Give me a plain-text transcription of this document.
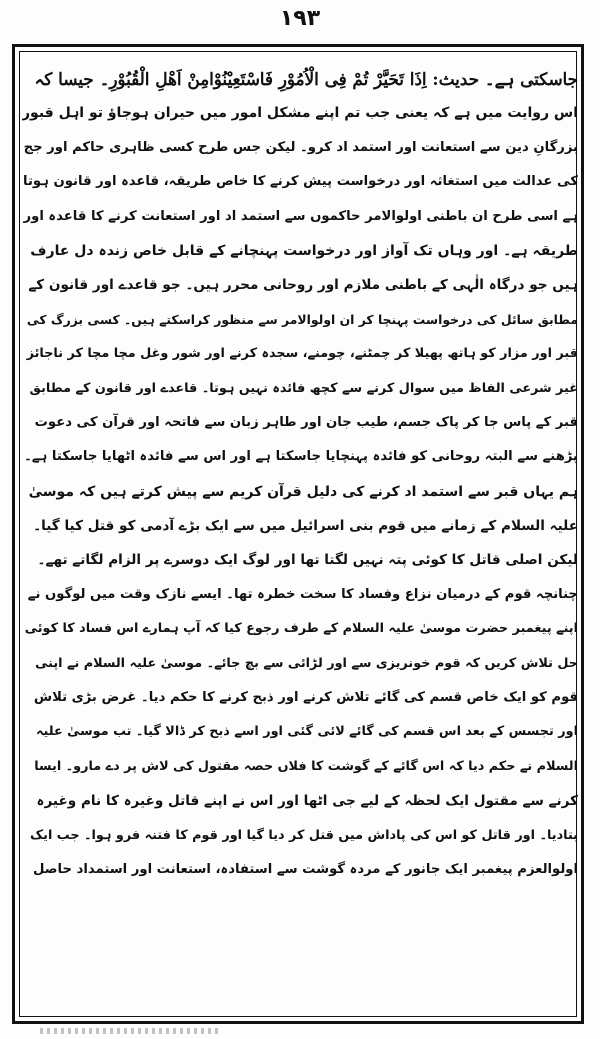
۱۹۳
جاسکتی ہے۔ حدیث: اِذَا تَحَیَّرْ تُمْ فِی الْاُمُوْرِ فَاسْتَعِیْنُوْامِنْ اَھْلِ الْقُبُوْرِ۔ جیسا کہ
اس روایت میں ہے کہ یعنی جب تم اپنے مشکل امور میں حیران ہوجاؤ تو اہل قبور
بزرگانِ دین سے استعانت اور استمد اد کرو۔ لیکن جس طرح کسی ظاہری حاکم اور جج
کی عدالت میں استغاثہ اور درخواست پیش کرنے کا خاص طریقہ، قاعدہ اور قانون ہوتا
ہے اسی طرح ان باطنی اولوالامر حاکموں سے استمد اد اور استعانت کرنے کا قاعدہ اور
طریقہ ہے۔ اور وہاں تک آواز اور درخواست پہنچانے کے قابل خاص زندہ دل عارف
ہیں جو درگاہ الٰہی کے باطنی ملازم اور روحانی محرر ہیں۔ جو قاعدے اور قانون کے
مطابق سائل کی درخواست پہنچا کر ان اولوالامر سے منظور کراسکتے ہیں۔ کسی بزرگ کی
قبر اور مزار کو ہاتھ پھیلا کر چمٹنے، چومنے، سجدہ کرنے اور شور وغل مچا مچا کر ناجائز
غیر شرعی الفاظ میں سوال کرنے سے کچھ فائدہ نہیں ہوتا۔ قاعدے اور قانون کے مطابق
قبر کے پاس جا کر پاک جسم، طیب جان اور طاہر زبان سے فاتحہ اور قرآن کی دعوت
پڑھنے سے البتہ روحانی کو فائدہ پہنچایا جاسکتا ہے اور اس سے فائدہ اٹھایا جاسکتا ہے۔
ہم یہاں قبر سے استمد اد کرنے کی دلیل قرآن کریم سے پیش کرتے ہیں کہ موسیٰ
علیہ السلام کے زمانے میں قوم بنی اسرائیل میں سے ایک بڑے آدمی کو قتل کیا گیا۔
لیکن اصلی قاتل کا کوئی پتہ نہیں لگتا تھا اور لوگ ایک دوسرے پر الزام لگاتے تھے۔
چنانچہ قوم کے درمیان نزاع وفساد کا سخت خطرہ تھا۔ ایسے نازک وقت میں لوگوں نے
اپنے پیغمبر حضرت موسیٰ علیہ السلام کے طرف رجوع کیا کہ آپ ہمارے اس فساد کا کوئی
حل تلاش کریں کہ قوم خونریزی سے اور لڑائی سے بچ جائے۔ موسیٰ علیہ السلام نے اپنی
قوم کو ایک خاص قسم کی گائے تلاش کرنے اور ذبح کرنے کا حکم دیا۔ غرض بڑی تلاش
اور تجسس کے بعد اس قسم کی گائے لائی گئی اور اسے ذبح کر ڈالا گیا۔ تب موسیٰ علیہ
السلام نے حکم دیا کہ اس گائے کے گوشت کا فلاں حصہ مقتول کی لاش پر دے مارو۔ ایسا
کرنے سے مقتول ایک لحظہ کے لیے جی اٹھا اور اس نے اپنے قاتل وغیرہ کا نام وغیرہ
بتادیا۔ اور قاتل کو اس کی پاداش میں قتل کر دیا گیا اور قوم کا فتنہ فرو ہوا۔ جب ایک
اولوالعزم پیغمبر ایک جانور کے مردہ گوشت سے استفادہ، استعانت اور استمداد حاصل
